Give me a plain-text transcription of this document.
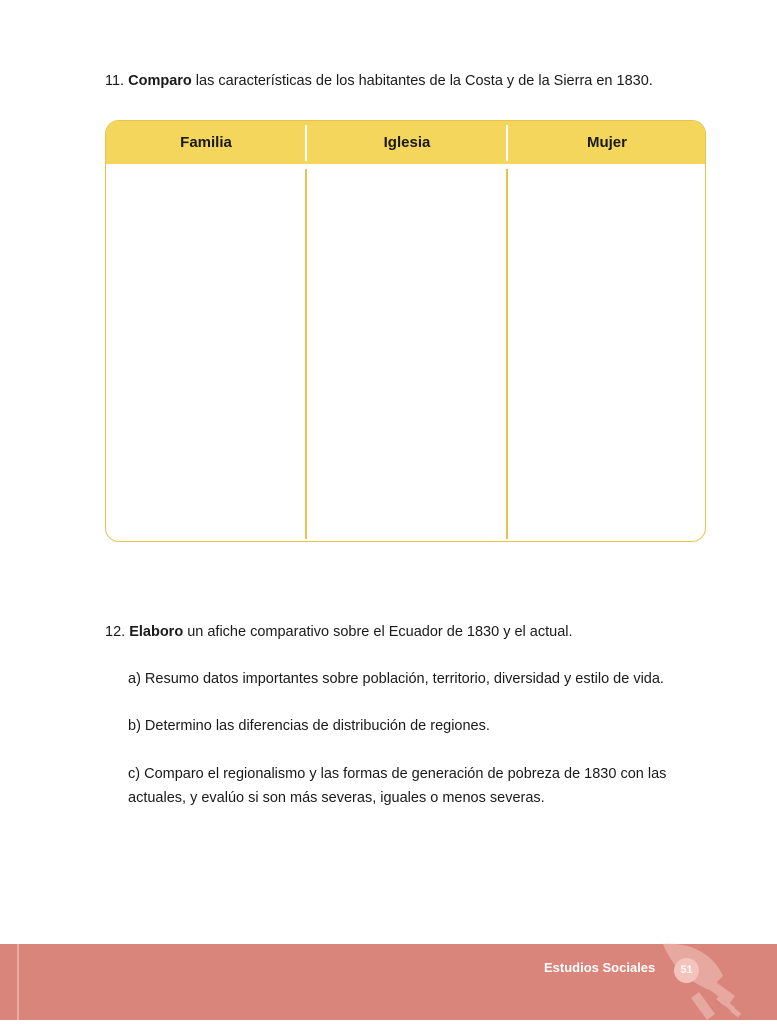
11. Comparo las características de los habitantes de la Costa y de la Sierra en 1830.
Familia	Iglesia	Mujer
12. Elaboro un afiche comparativo sobre el Ecuador de 1830 y el actual.
a) Resumo datos importantes sobre población, territorio, diversidad y estilo de vida.
b) Determino las diferencias de distribución de regiones.
c) Comparo el regionalismo y las formas de generación de pobreza de 1830 con las actuales, y evalúo si son más severas, iguales o menos severas.
Estudios Sociales	51
